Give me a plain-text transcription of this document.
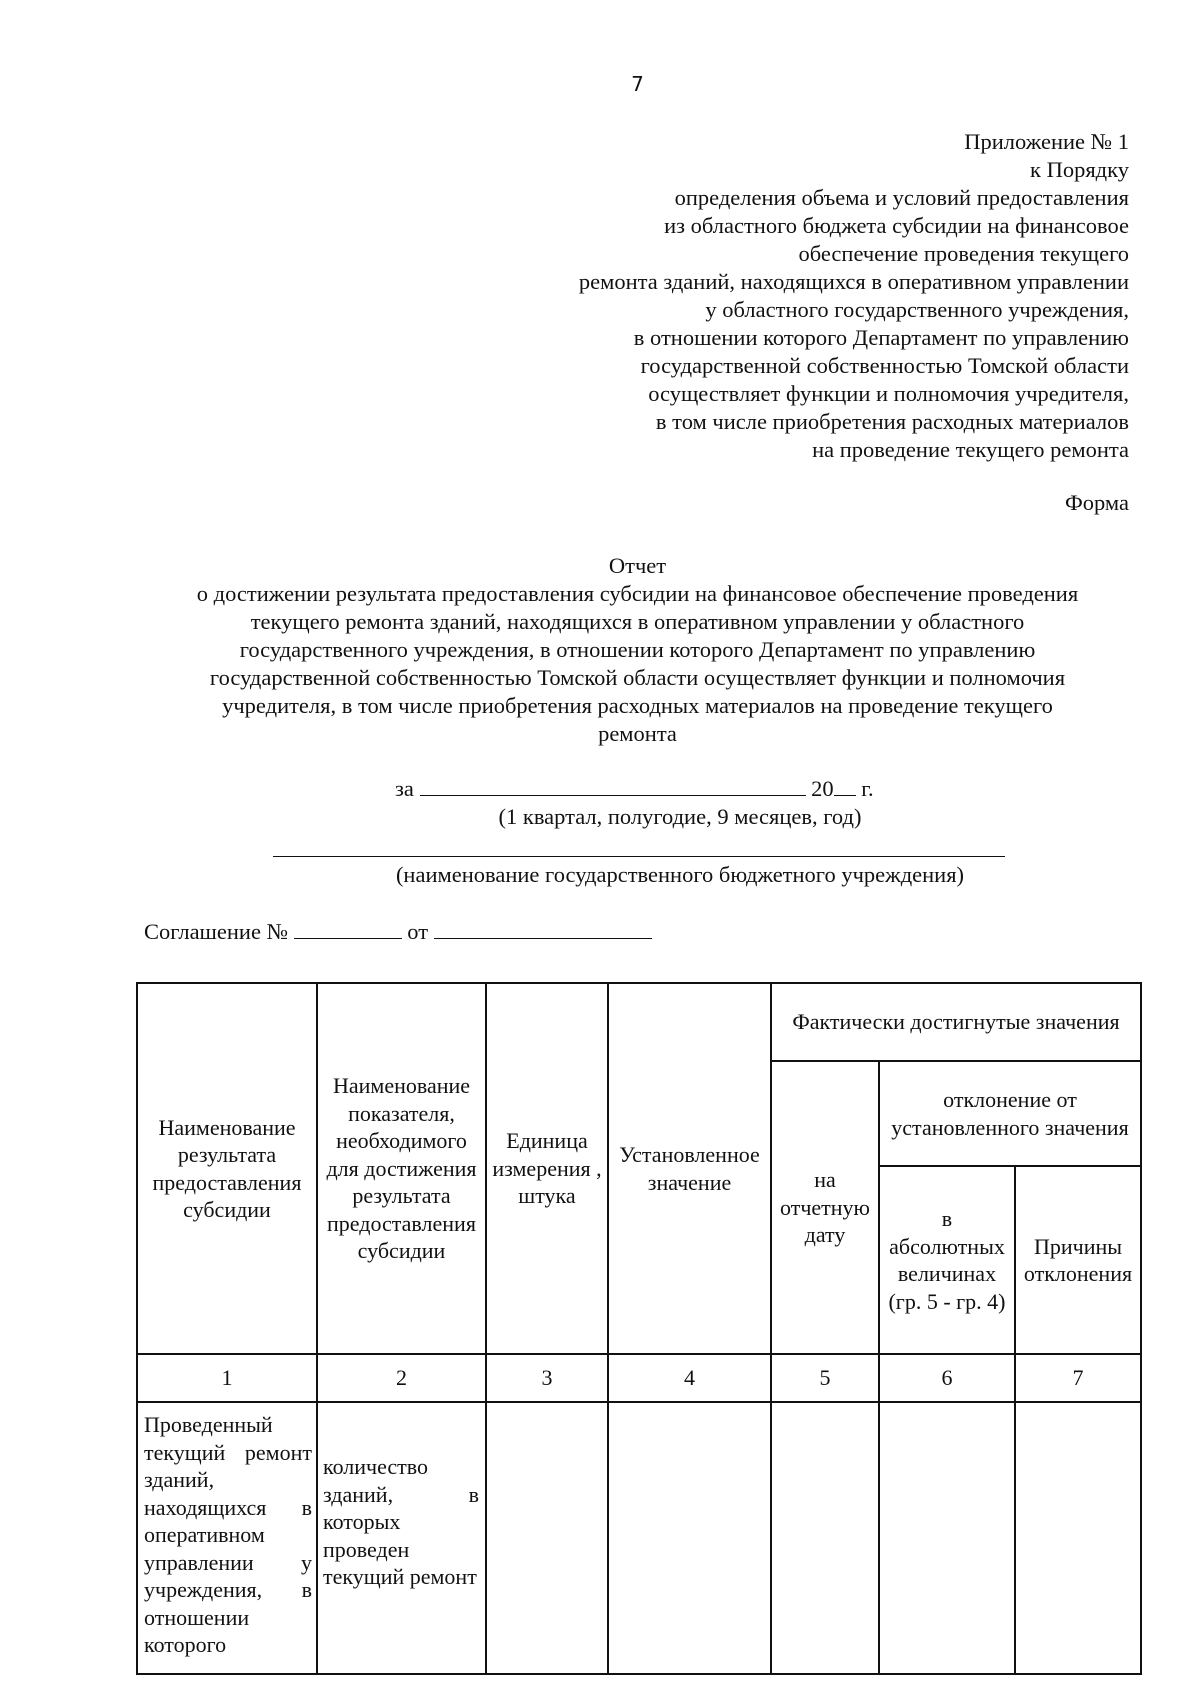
7
Приложение № 1
к Порядку
определения объема и условий предоставления
из областного бюджета субсидии на финансовое
обеспечение проведения текущего
ремонта зданий, находящихся в оперативном управлении
у областного государственного учреждения,
в отношении которого Департамент по управлению
государственной собственностью Томской области
осуществляет функции и полномочия учредителя,
в том числе приобретения расходных материалов
на проведение текущего ремонта
Форма
Отчет
о достижении результата предоставления субсидии на финансовое обеспечение проведения
текущего ремонта зданий, находящихся в оперативном управлении у областного
государственного учреждения, в отношении которого Департамент по управлению
государственной собственностью Томской области осуществляет функции и полномочия
учредителя, в том числе приобретения расходных материалов на проведение текущего
ремонта
за	20 г.
(1 квартал, полугодие, 9 месяцев, год)
(наименование государственного бюджетного учреждения)
Соглашение №	от
Наименование результата предоставления субсидии	Наименование показателя, необходимого для достижения результата предоставления субсидии	Единица измерения , штука	Установленное значение	Фактически достигнутые значения		

				на отчетную дату	отклонение от установленного значения	

					в абсолютных величинах (гр. 5 - гр. 4)	Причины отклонения

1	2	3	4	5	6	7
Проведенный текущий ремонт зданий, находящихся в оперативном управлении у учреждения, в отношении которого	количество зданий, в которых проведен текущий ремонт					
